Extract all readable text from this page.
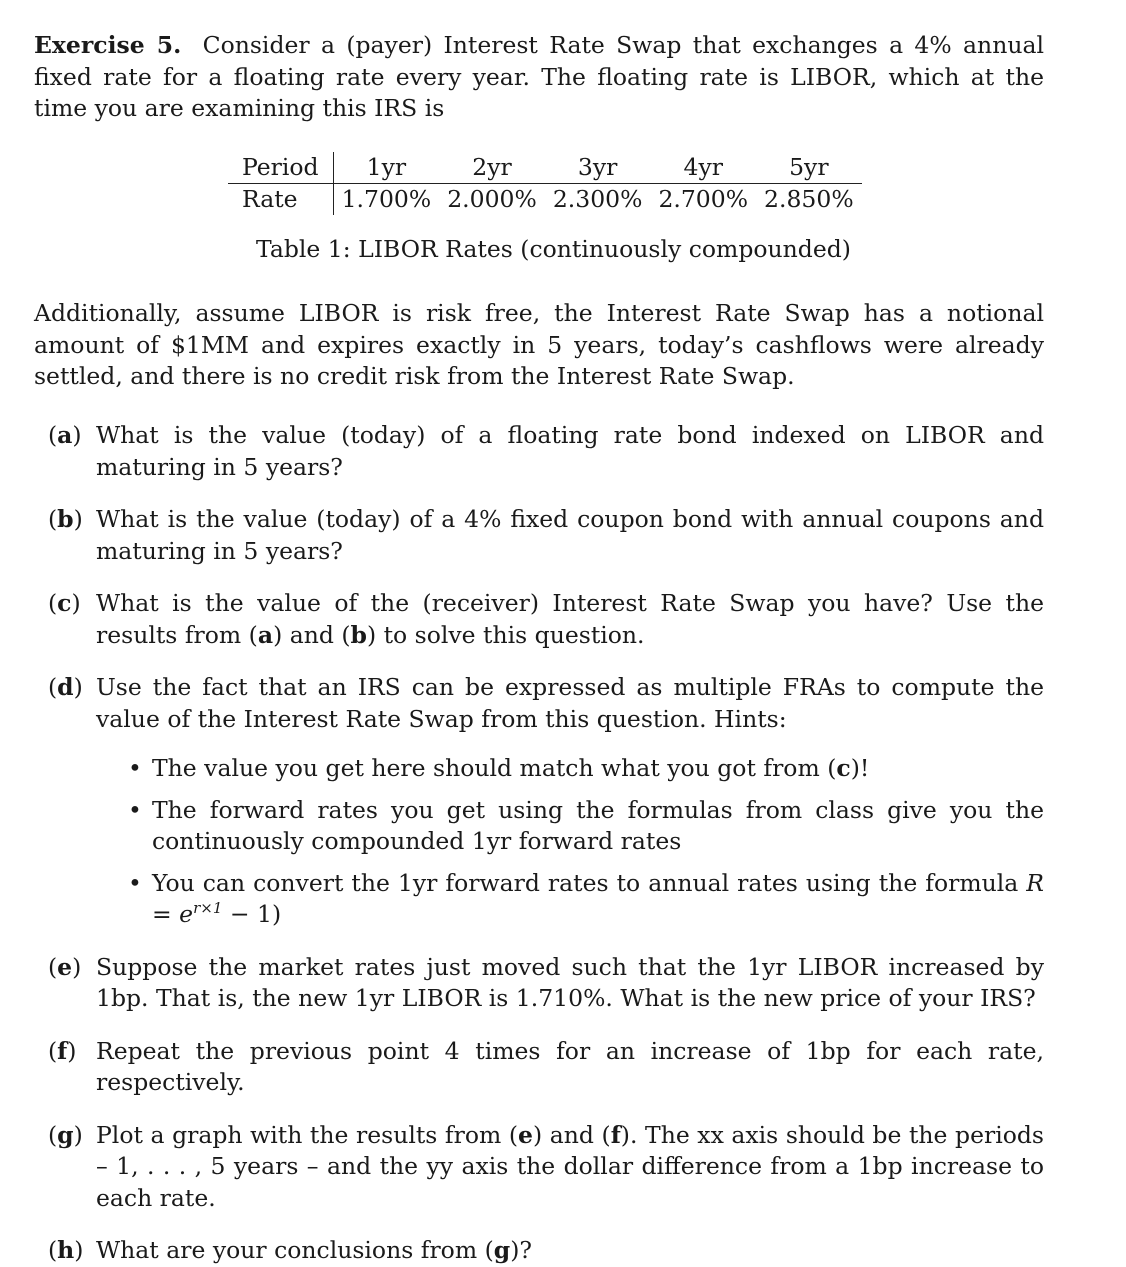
Exercise 5. Consider a (payer) Interest Rate Swap that exchanges a 4% annual fixed rate for a floating rate every year. The floating rate is LIBOR, which at the time you are examining this IRS is

Period	1yr	2yr	3yr	4yr	5yr
Rate	1.700%	2.000%	2.300%	2.700%	2.850%
Table 1: LIBOR Rates (continuously compounded)

Additionally, assume LIBOR is risk free, the Interest Rate Swap has a notional amount of $1MM and expires exactly in 5 years, today’s cashflows were already settled, and there is no credit risk from the Interest Rate Swap.

(a) What is the value (today) of a floating rate bond indexed on LIBOR and maturing in 5 years?
(b) What is the value (today) of a 4% fixed coupon bond with annual coupons and maturing in 5 years?
(c) What is the value of the (receiver) Interest Rate Swap you have? Use the results from (a) and (b) to solve this question.
(d) Use the fact that an IRS can be expressed as multiple FRAs to compute the value of the Interest Rate Swap from this question. Hints:
• The value you get here should match what you got from (c)!
• The forward rates you get using the formulas from class give you the continuously compounded 1yr forward rates
• You can convert the 1yr forward rates to annual rates using the formula $R = e^{r\times 1} - 1$)
(e) Suppose the market rates just moved such that the 1yr LIBOR increased by 1bp. That is, the new 1yr LIBOR is 1.710%. What is the new price of your IRS?
(f) Repeat the previous point 4 times for an increase of 1bp for each rate, respectively.
(g) Plot a graph with the results from (e) and (f). The xx axis should be the periods – 1, . . . , 5 years – and the yy axis the dollar difference from a 1bp increase to each rate.
(h) What are your conclusions from (g)?
